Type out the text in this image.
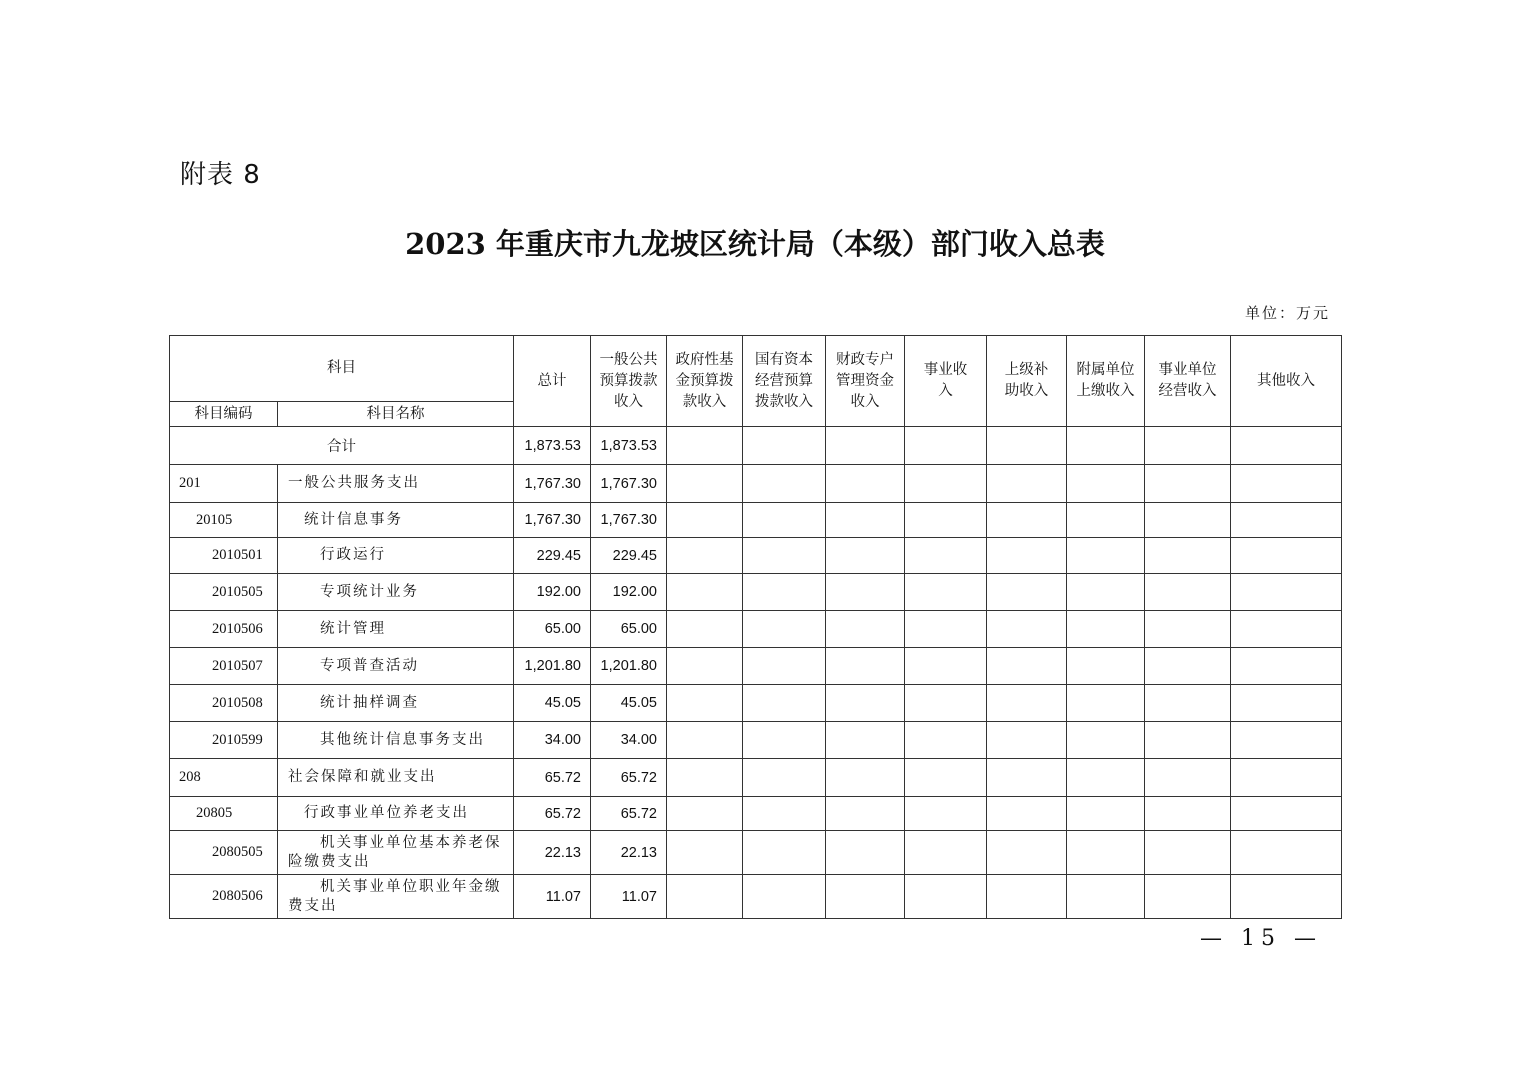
附表 8
2023 年重庆市九龙坡区统计局（本级）部门收入总表
单位：万元
科目		总计	一般公共预算拨款收入	政府性基金预算拨款收入	国有资本经营预算拨款收入	财政专户管理资金收入	事业收入	上级补助收入	附属单位上缴收入	事业单位经营收入	其他收入
科目编码	科目名称										
合计		1,873.53	1,873.53								
201	一般公共服务支出	1,767.30	1,767.30								
20105	统计信息事务	1,767.30	1,767.30								
2010501	行政运行	229.45	229.45								
2010505	专项统计业务	192.00	192.00								
2010506	统计管理	65.00	65.00								
2010507	专项普查活动	1,201.80	1,201.80								
2010508	统计抽样调查	45.05	45.05								
2010599	其他统计信息事务支出	34.00	34.00								
208	社会保障和就业支出	65.72	65.72								
20805	行政事业单位养老支出	65.72	65.72								
2080505	机关事业单位基本养老保险缴费支出	22.13	22.13								
2080506	机关事业单位职业年金缴费支出	11.07	11.07								
— 15 —
